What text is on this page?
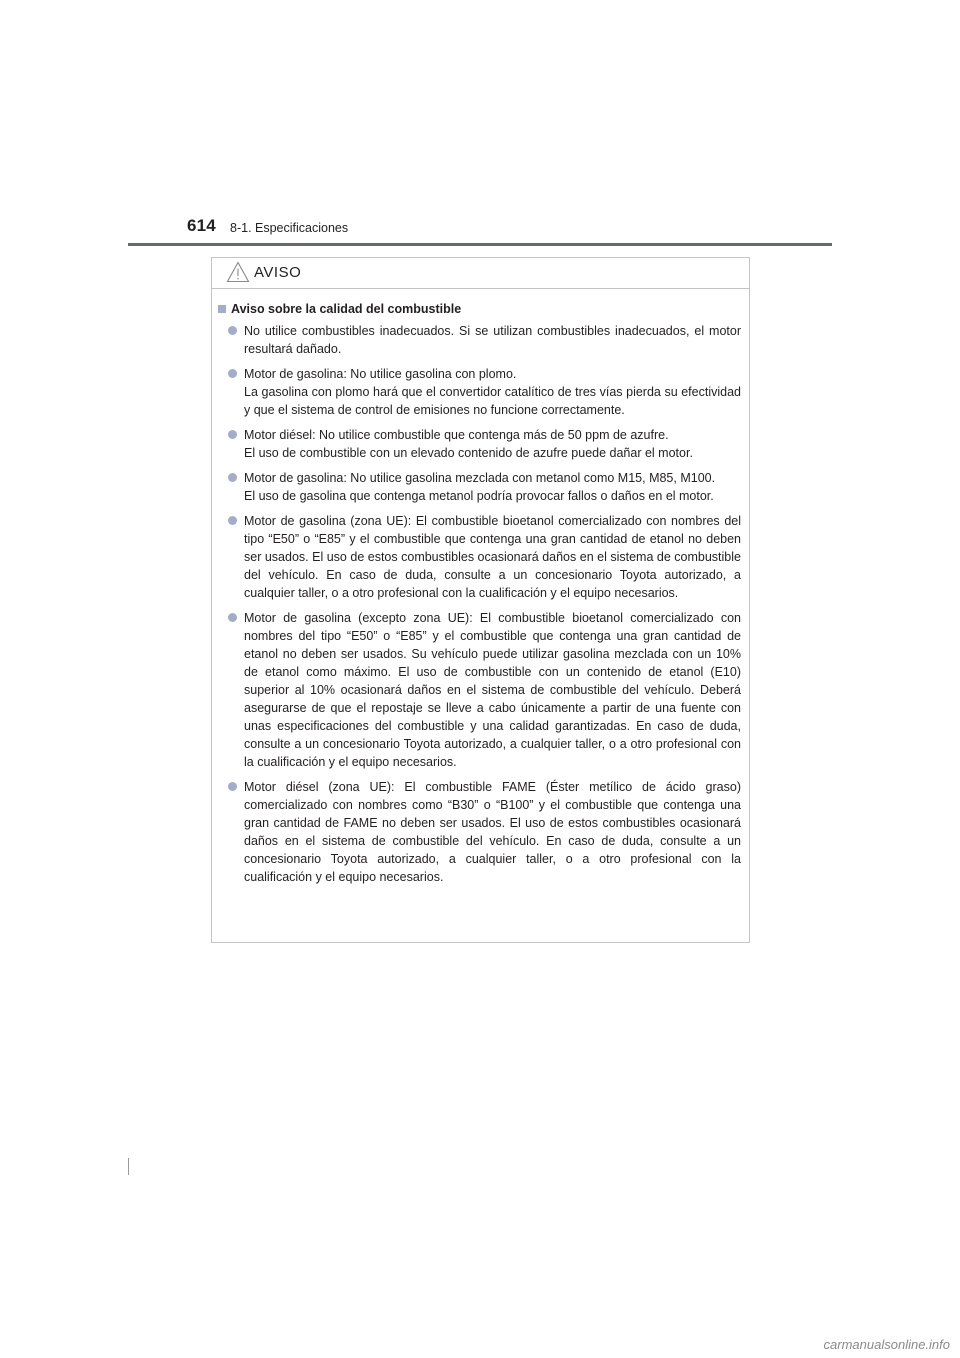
614 8-1. Especificaciones
AVISO
Aviso sobre la calidad del combustible
No utilice combustibles inadecuados. Si se utilizan combustibles inadecuados, el motor resultará dañado.
Motor de gasolina: No utilice gasolina con plomo.
La gasolina con plomo hará que el convertidor catalítico de tres vías pierda su efectividad y que el sistema de control de emisiones no funcione correctamente.
Motor diésel: No utilice combustible que contenga más de 50 ppm de azufre.
El uso de combustible con un elevado contenido de azufre puede dañar el motor.
Motor de gasolina: No utilice gasolina mezclada con metanol como M15, M85, M100.
El uso de gasolina que contenga metanol podría provocar fallos o daños en el motor.
Motor de gasolina (zona UE): El combustible bioetanol comercializado con nombres del tipo “E50” o “E85” y el combustible que contenga una gran cantidad de etanol no deben ser usados. El uso de estos combustibles ocasionará daños en el sistema de combustible del vehículo. En caso de duda, consulte a un concesionario Toyota autorizado, a cualquier taller, o a otro profesional con la cualificación y el equipo necesarios.
Motor de gasolina (excepto zona UE): El combustible bioetanol comercializado con nombres del tipo “E50” o “E85” y el combustible que contenga una gran cantidad de etanol no deben ser usados. Su vehículo puede utilizar gasolina mezclada con un 10% de etanol como máximo. El uso de combustible con un contenido de etanol (E10) superior al 10% ocasionará daños en el sistema de combustible del vehículo. Deberá asegurarse de que el repostaje se lleve a cabo únicamente a partir de una fuente con unas especificaciones del combustible y una calidad garantizadas. En caso de duda, consulte a un concesionario Toyota autorizado, a cualquier taller, o a otro profesional con la cualificación y el equipo necesarios.
Motor diésel (zona UE): El combustible FAME (Éster metílico de ácido graso) comercializado con nombres como “B30” o “B100” y el combustible que contenga una gran cantidad de FAME no deben ser usados. El uso de estos combustibles ocasionará daños en el sistema de combustible del vehículo. En caso de duda, consulte a un concesionario Toyota autorizado, a cualquier taller, o a otro profesional con la cualificación y el equipo necesarios.
carmanualsonline.info
